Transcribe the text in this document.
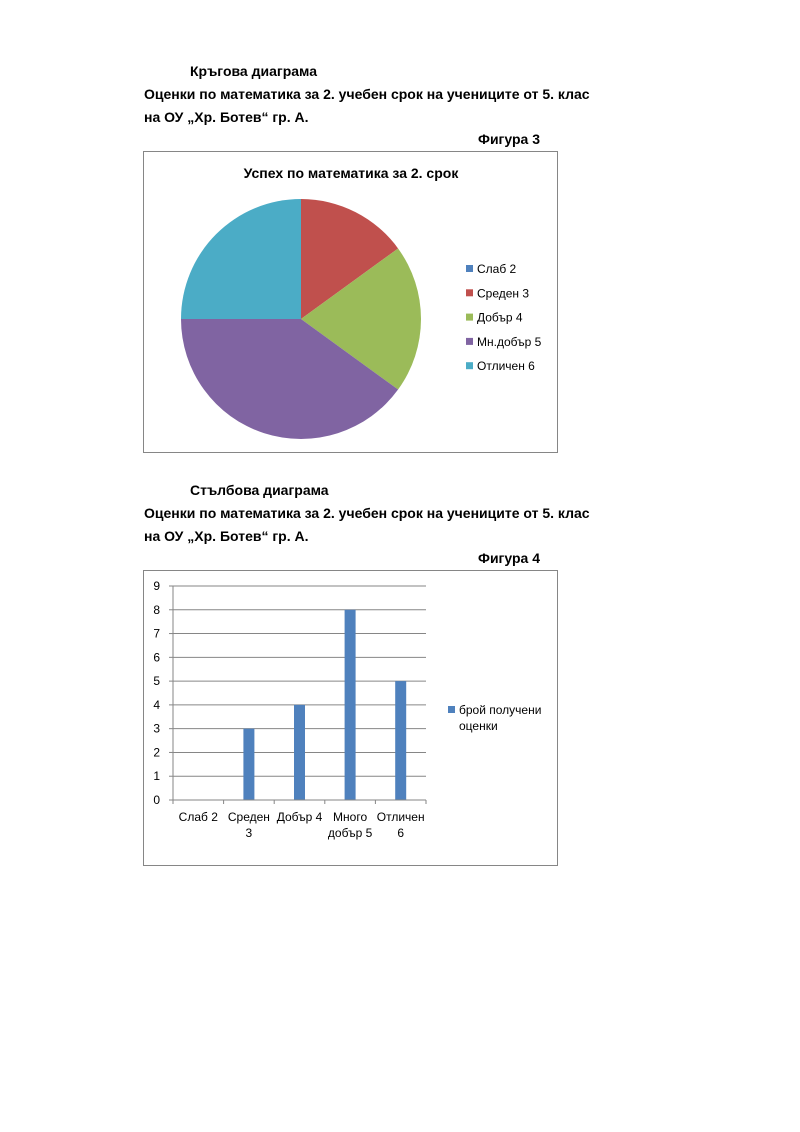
Кръгова диаграма
Оценки по математика за 2. учебен срок на учениците от 5. клас
на ОУ „Хр. Ботев“ гр. А.
Фигура 3
Успех по математика за 2. срок
Слаб 2
Среден 3
Добър 4
Мн.добър 5
Отличен 6
Стълбова диаграма
Оценки по математика за 2. учебен срок на учениците от 5. клас
на ОУ „Хр. Ботев“ гр. А.
Фигура 4
0
1
2
3
4
5
6
7
8
9
Слаб 2 Среден 3
Добър 4 Много добър 5
Отличен 6
брой получени оценки
